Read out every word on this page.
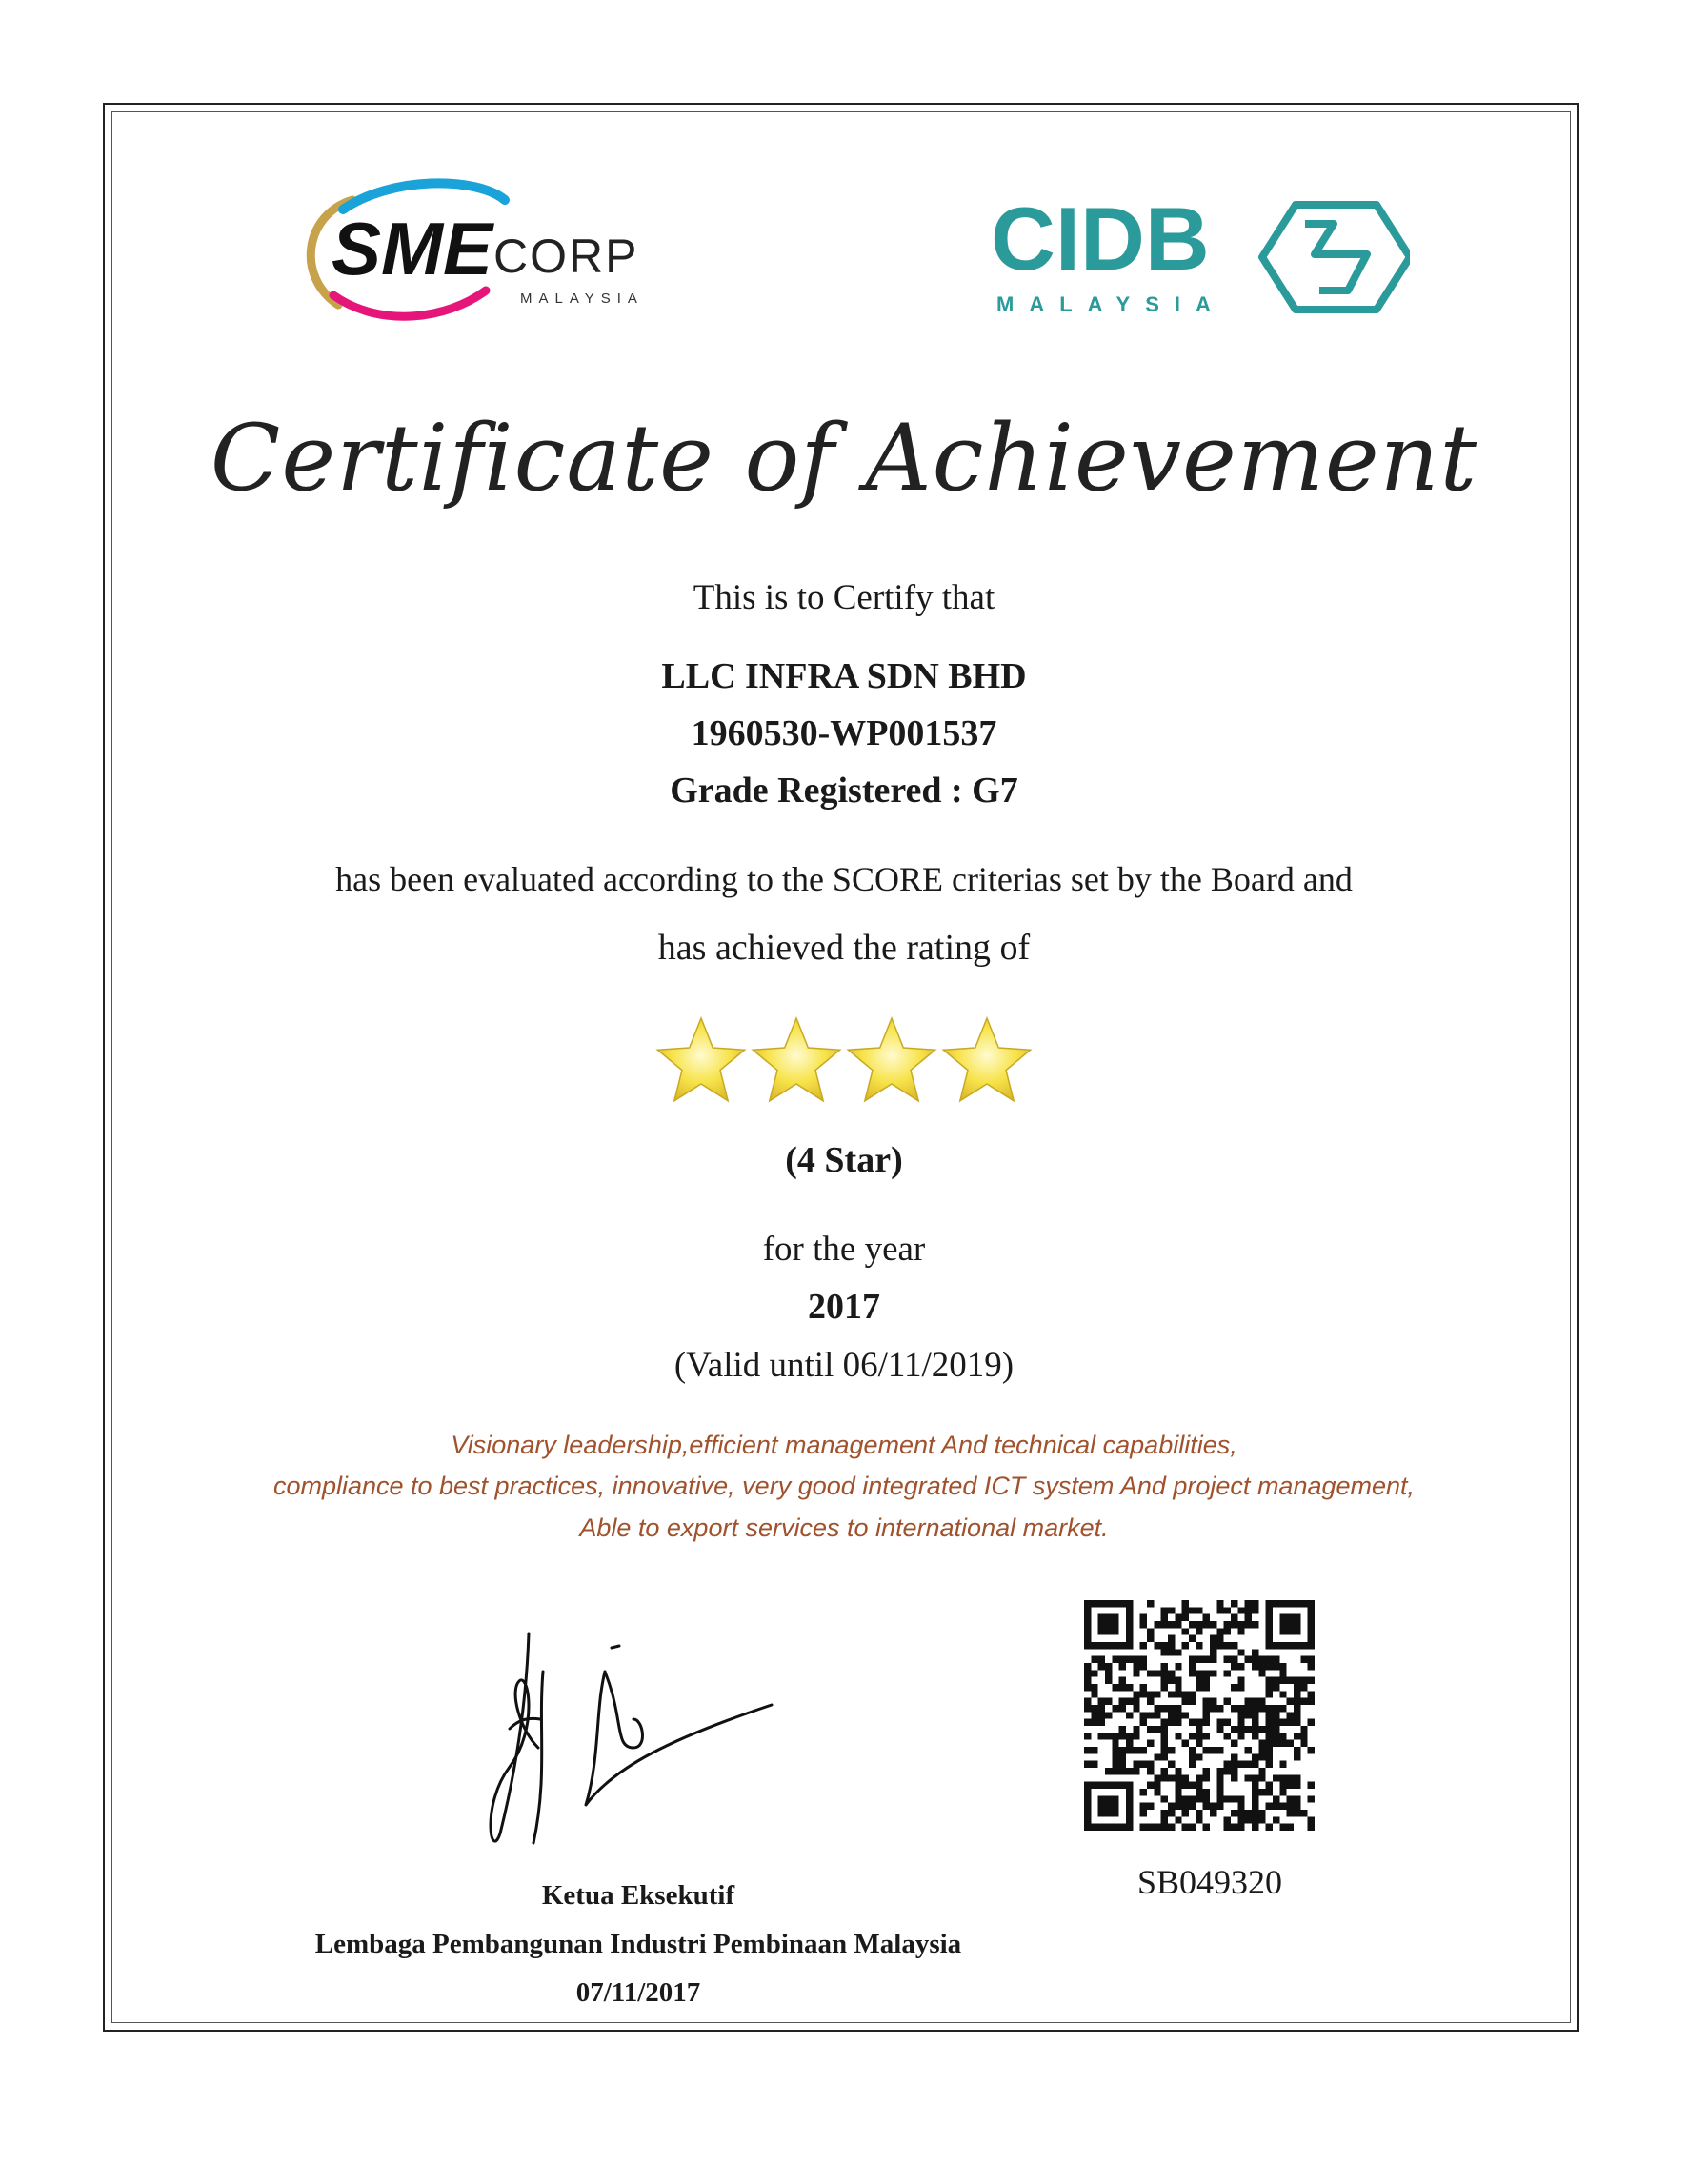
SME CORP
MALAYSIA
CIDB
MALAYSIA
Certificate of Achievement
This is to Certify that
LLC INFRA SDN BHD
1960530-WP001537
Grade Registered : G7
has been evaluated according to the SCORE criterias set by the Board and
has achieved the rating of
(4 Star)
for the year
2017
(Valid until 06/11/2019)
Visionary leadership,efficient management And technical capabilities,
compliance to best practices, innovative, very good integrated ICT system And project management,
Able to export services to international market.
Ketua Eksekutif
Lembaga Pembangunan Industri Pembinaan Malaysia
07/11/2017
SB049320
